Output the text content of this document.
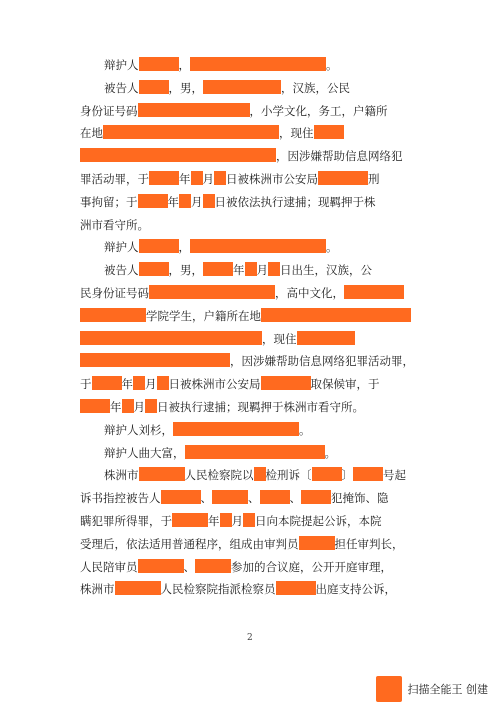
辩护人	，	。
被告人	，男，	，汉族，公民
身份证号码	，小学文化，务工，户籍所
在地	，现住
，因涉嫌帮助信息网络犯
罪活动罪，于	年 月 日被株洲市公安局	刑
事拘留；于	年 月 日被依法执行逮捕；现羁押于株
洲市看守所。
辩护人	，	。
被告人	，男，	年 月 日出生，汉族，公
民身份证号码	，高中文化，
学院学生，户籍所在地
，现住
，因涉嫌帮助信息网络犯罪活动罪，
于	年 月 日被株洲市公安局	取保候审，于
年 月 日被执行逮捕；现羁押于株洲市看守所。
辩护人刘杉，	。
辩护人曲大富，	。
株洲市	人民检察院以 检刑诉〔	〕	号起
诉书指控被告人	、	、	、	犯掩饰、隐
瞒犯罪所得罪，于	年 月 日向本院提起公诉，本院
受理后，依法适用普通程序，组成由审判员	担任审判长，
人民陪审员	、	参加的合议庭，公开开庭审理，
株洲市	人民检察院指派检察员	出庭支持公诉，
2
扫描全能王 创建
